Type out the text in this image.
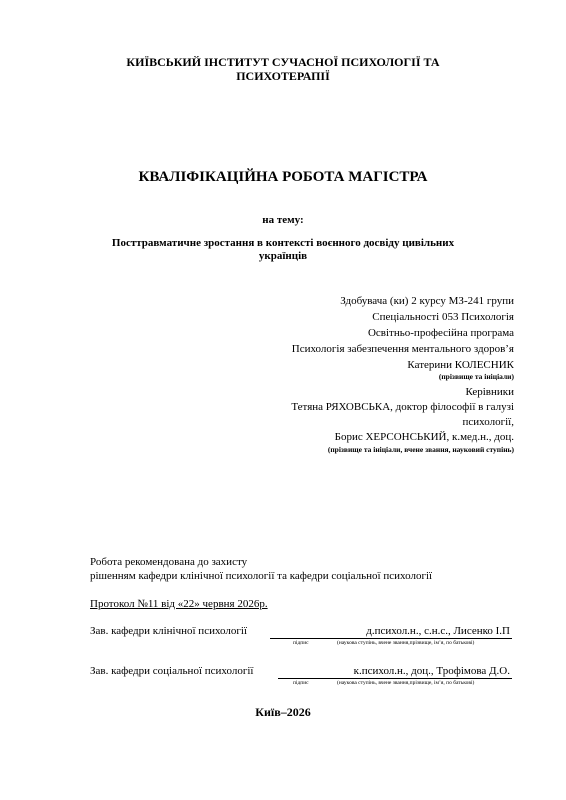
КИЇВСЬКИЙ ІНСТИТУТ СУЧАСНОЇ ПСИХОЛОГІЇ ТА
ПСИХОТЕРАПІЇ
КВАЛІФІКАЦІЙНА РОБОТА МАГІСТРА
на тему:
Посттравматичне зростання в контексті воєнного досвіду цивільних
українців
Здобувача (ки) 2 курсу МЗ-241 групи
Спеціальності 053 Психологія
Освітньо-професійна програма
Психологія забезпечення ментального здоров’я
Катерини КОЛЕСНИК
(прізвище та ініціали)
Керівники
Тетяна РЯХОВСЬКА, доктор філософії в галузі
психології,
Борис ХЕРСОНСЬКИЙ, к.мед.н., доц.
(прізвище та ініціали, вчене звання, науковий ступінь)
Робота рекомендована до захисту
рішенням кафедри клінічної психології та кафедри соціальної психології
Протокол №11 від «22» червня 2026р.
Зав. кафедри клінічної психології	д.психол.н., с.н.с., Лисенко І.П
підпис	(наукова ступінь, вчене звання,прізвище, ім’я, по батькові)
Зав. кафедри соціальної психології	к.психол.н., доц., Трофімова Д.О.
підпис	(наукова ступінь, вчене звання,прізвище, ім’я, по батькові)
Київ–2026
